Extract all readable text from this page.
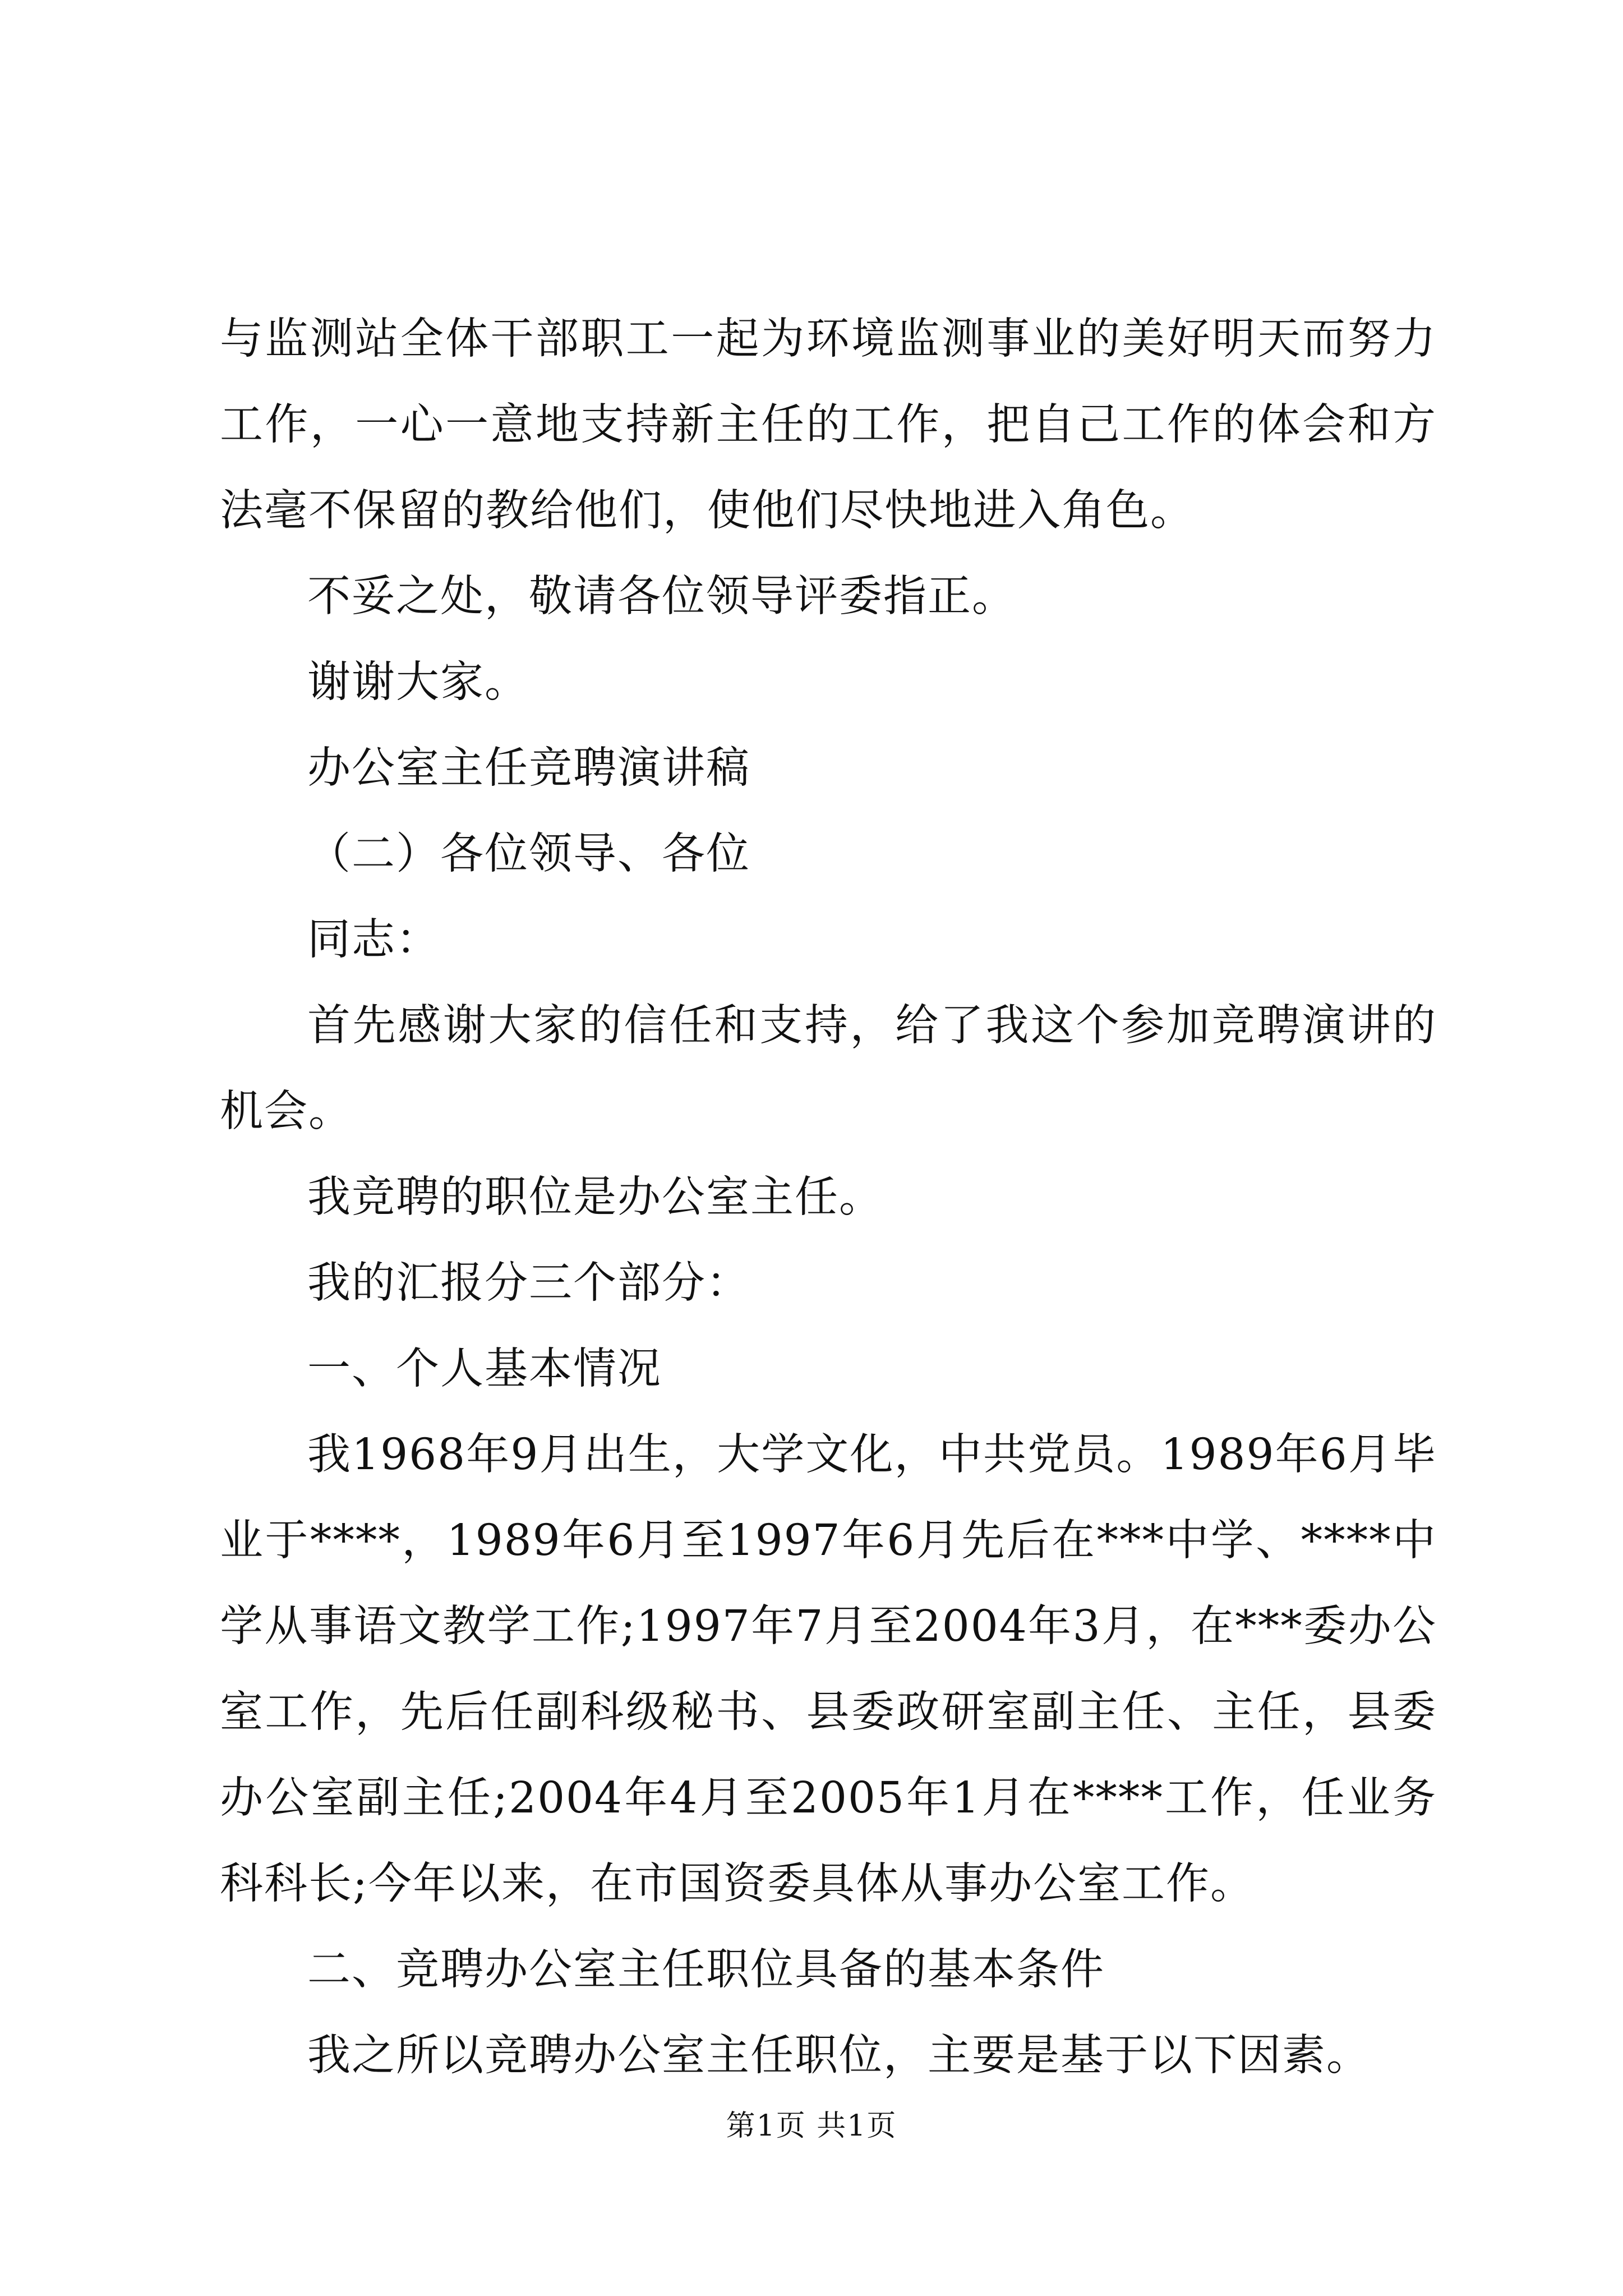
与监测站全体干部职工一起为环境监测事业的美好明天而努力工作，一心一意地支持新主任的工作，把自己工作的体会和方法毫不保留的教给他们，使他们尽快地进入角色。

不妥之处，敬请各位领导评委指正。

谢谢大家。

办公室主任竞聘演讲稿

（二）各位领导、各位

同志：

首先感谢大家的信任和支持，给了我这个参加竞聘演讲的机会。

我竞聘的职位是办公室主任。

我的汇报分三个部分：

一、个人基本情况

我1968年9月出生，大学文化，中共党员。1989年6月毕业于****，1989年6月至1997年6月先后在***中学、****中学从事语文教学工作;1997年7月至2004年3月，在***委办公室工作，先后任副科级秘书、县委政研室副主任、主任，县委办公室副主任;2004年4月至2005年1月在****工作，任业务科科长;今年以来，在市国资委具体从事办公室工作。

二、竞聘办公室主任职位具备的基本条件

我之所以竞聘办公室主任职位，主要是基于以下因素。

第1页 共1页
